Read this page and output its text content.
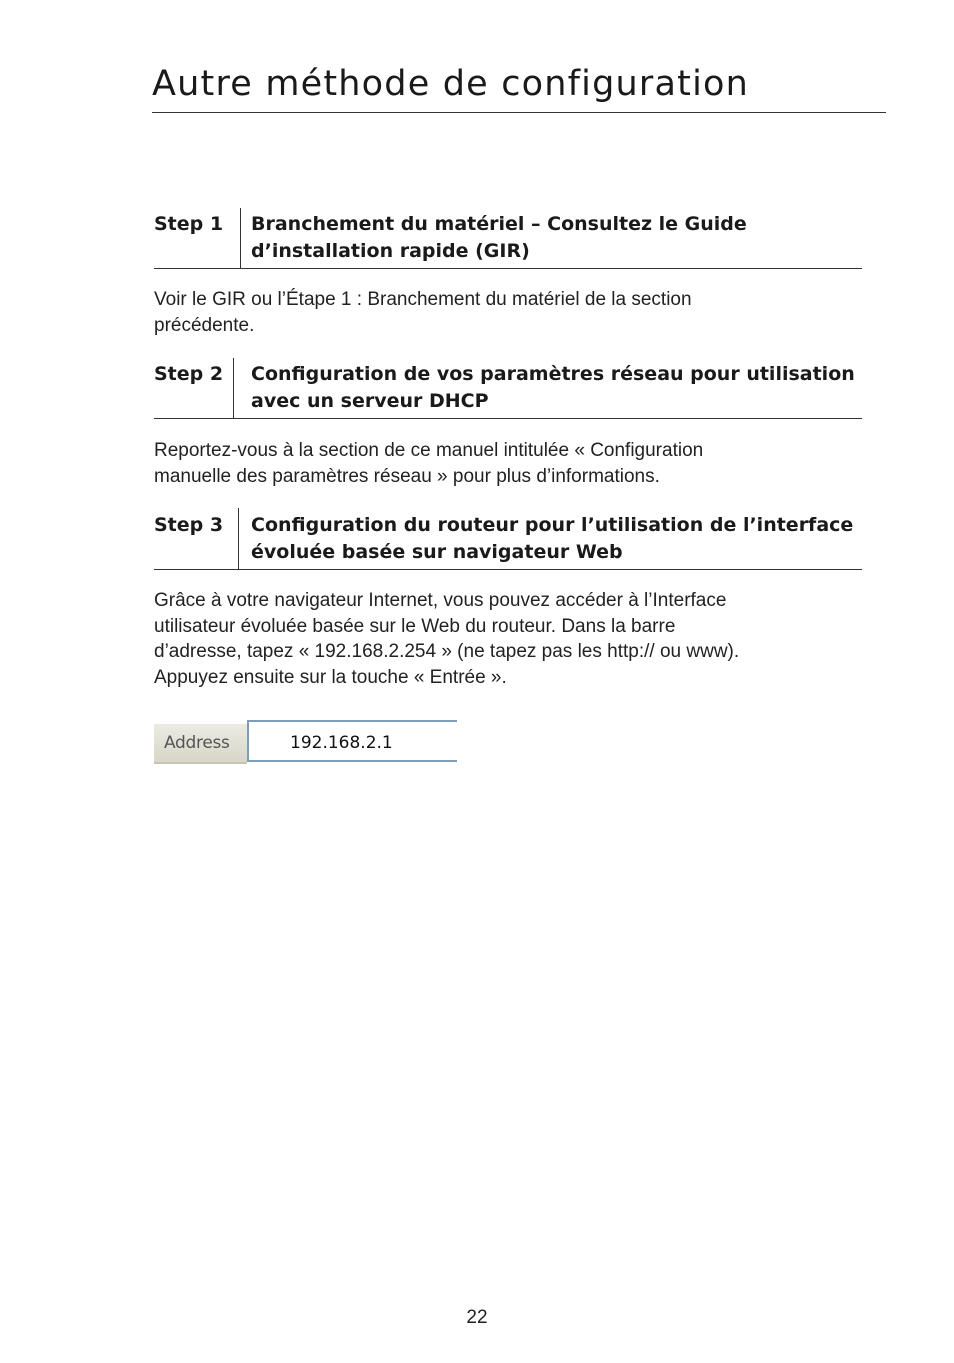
Autre méthode de configuration
Step 1 Branchement du matériel – Consultez le Guide
d’installation rapide (GIR)

Voir le GIR ou l’Étape 1 : Branchement du matériel de la section
précédente.

Step 2 Configuration de vos paramètres réseau pour utilisation
avec un serveur DHCP

Reportez-vous à la section de ce manuel intitulée « Configuration
manuelle des paramètres réseau » pour plus d’informations.

Step 3 Configuration du routeur pour l’utilisation de l’interface
évoluée basée sur navigateur Web

Grâce à votre navigateur Internet, vous pouvez accéder à l’Interface
utilisateur évoluée basée sur le Web du routeur. Dans la barre
d’adresse, tapez « 192.168.2.254 » (ne tapez pas les http:// ou www).
Appuyez ensuite sur la touche « Entrée ».

Address	192.168.2.1
22
